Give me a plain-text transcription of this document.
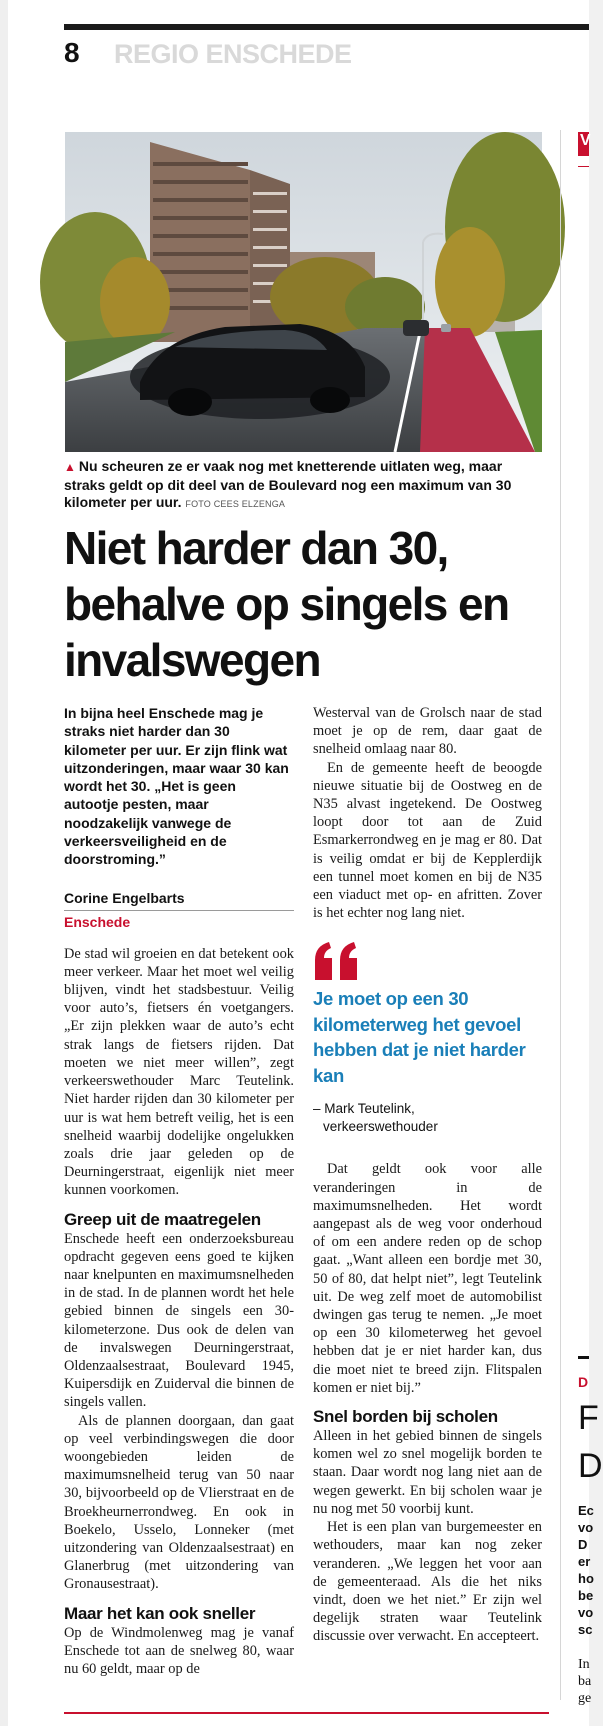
8 REGIO ENSCHEDE
▲ Nu scheuren ze er vaak nog met knetterende uitlaten weg, maar straks geldt op dit deel van de Boulevard nog een maximum van 30 kilometer per uur. FOTO CEES ELZENGA
Niet harder dan 30, behalve op singels en invalswegen

In bijna heel Enschede mag je straks niet harder dan 30 kilometer per uur. Er zijn flink wat uitzonderingen, maar waar 30 kan wordt het 30. „Het is geen autootje pesten, maar noodzakelijk vanwege de verkeersveiligheid en de doorstroming.”

Corine Engelbarts
Enschede

De stad wil groeien en dat betekent ook meer verkeer. Maar het moet wel veilig blijven, vindt het stadsbestuur. Veilig voor auto’s, fietsers én voetgangers. „Er zijn plekken waar de auto’s echt strak langs de fietsers rijden. Dat moeten we niet meer willen”, zegt verkeerswethouder Marc Teutelink. Niet harder rijden dan 30 kilometer per uur is wat hem betreft veilig, het is een snelheid waarbij dodelijke ongelukken zoals drie jaar geleden op de Deurningerstraat, eigenlijk niet meer kunnen voorkomen.

Greep uit de maatregelen

Enschede heeft een onderzoeksbureau opdracht gegeven eens goed te kijken naar knelpunten en maximumsnelheden in de stad. In de plannen wordt het hele gebied binnen de singels een 30-kilometerzone. Dus ook de delen van de invalswegen Deurningerstraat, Oldenzaalsestraat, Boulevard 1945, Kuipersdijk en Zuiderval die binnen de singels vallen.

Als de plannen doorgaan, dan gaat op veel verbindingswegen die door woongebieden leiden de maximumsnelheid terug van 50 naar 30, bijvoorbeeld op de Vlierstraat en de Broekheurnerrondweg. En ook in Boekelo, Usselo, Lonneker (met uitzondering van Oldenzaalsestraat) en Glanerbrug (met uitzondering van Gronausestraat).

Maar het kan ook sneller

Op de Windmolenweg mag je vanaf Enschede tot aan de snelweg 80, waar nu 60 geldt, maar op de

Westerval van de Grolsch naar de stad moet je op de rem, daar gaat de snelheid omlaag naar 80.

En de gemeente heeft de beoogde nieuwe situatie bij de Oostweg en de N35 alvast ingetekend. De Oostweg loopt door tot aan de Zuid Esmarkerrondweg en je mag er 80. Dat is veilig omdat er bij de Kepplerdijk een tunnel moet komen en bij de N35 een viaduct met op- en afritten. Zover is het echter nog lang niet.

Je moet op een 30 kilometerweg het gevoel hebben dat je niet harder kan

– Mark Teutelink,
verkeerswethouder

Dat geldt ook voor alle veranderingen in de maximumsnelheden. Het wordt aangepast als de weg voor onderhoud of om een andere reden op de schop gaat. „Want alleen een bordje met 30, 50 of 80, dat helpt niet”, legt Teutelink uit. De weg zelf moet de automobilist dwingen gas terug te nemen. „Je moet op een 30 kilometerweg het gevoel hebben dat je er niet harder kan, dus die moet niet te breed zijn. Flitspalen komen er niet bij.”

Snel borden bij scholen

Alleen in het gebied binnen de singels komen wel zo snel mogelijk borden te staan. Daar wordt nog lang niet aan de wegen gewerkt. En bij scholen waar je nu nog met 50 voorbij kunt.

Het is een plan van burgemeester en wethouders, maar kan nog zeker veranderen. „We leggen het voor aan de gemeenteraad. Als die het niks vindt, doen we het niet.” Er zijn wel degelijk straten waar Teutelink discussie over verwacht. En accepteert.

V
D
F
D
Ec
vo
D
er
ho
be
vo
sc
In
ba
ge
